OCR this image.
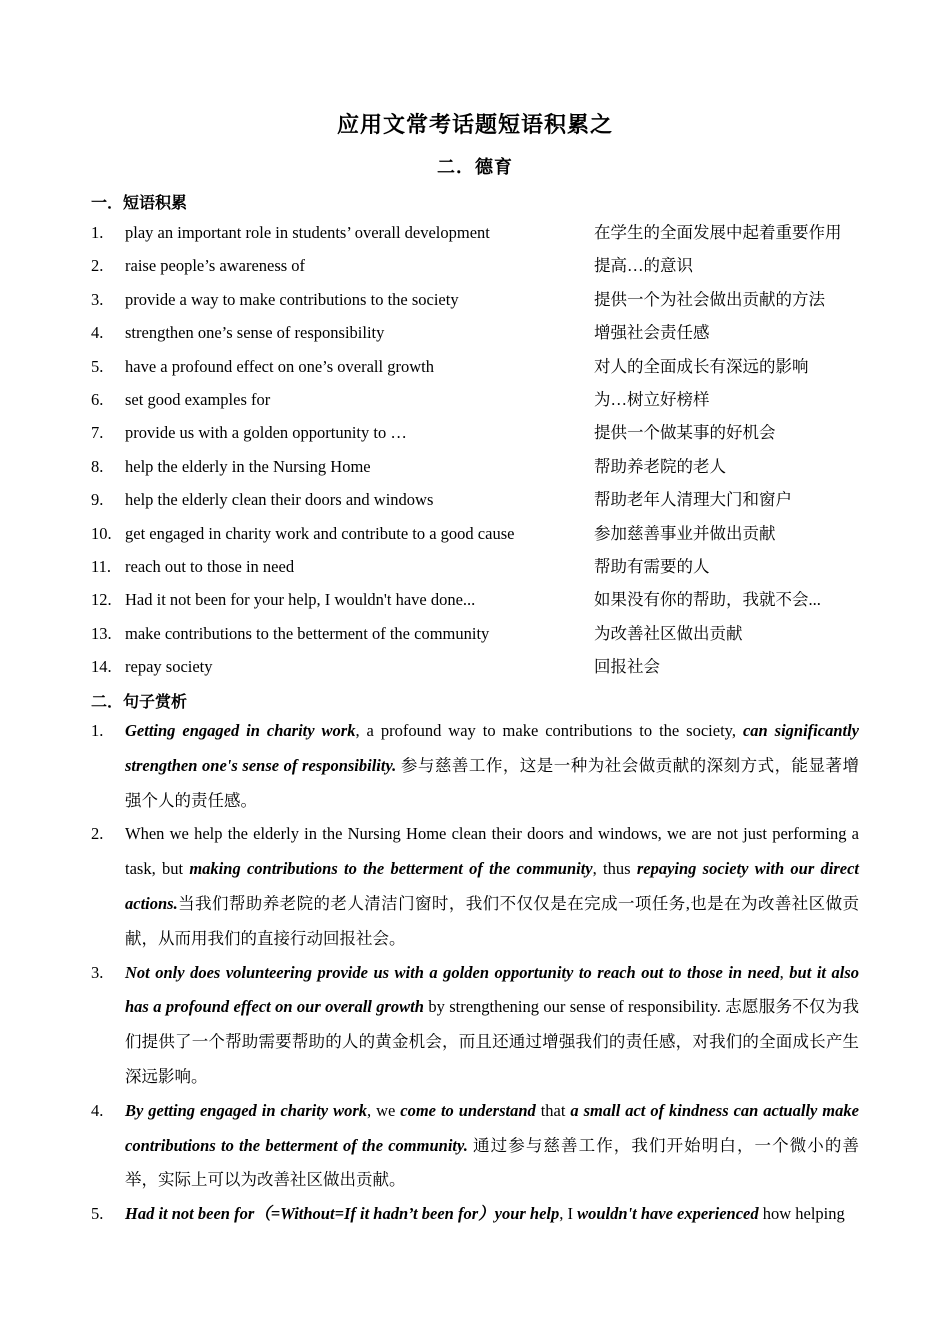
应用文常考话题短语积累之
二．德育
一．短语积累
1. play an important role in students’ overall development	在学生的全面发展中起着重要作用
2. raise people’s awareness of	提高…的意识
3. provide a way to make contributions to the society	提供一个为社会做出贡献的方法
4. strengthen one’s sense of responsibility	增强社会责任感
5. have a profound effect on one’s overall growth	对人的全面成长有深远的影响
6. set good examples for	为…树立好榜样
7. provide us with a golden opportunity to …	提供一个做某事的好机会
8. help the elderly in the Nursing Home	帮助养老院的老人
9. help the elderly clean their doors and windows	帮助老年人清理大门和窗户
10. get engaged in charity work and contribute to a good cause	参加慈善事业并做出贡献
11. reach out to those in need	帮助有需要的人
12. Had it not been for your help, I wouldn't have done...	如果没有你的帮助，我就不会...
13. make contributions to the betterment of the community	为改善社区做出贡献
14. repay society	回报社会
二．句子赏析
1. Getting engaged in charity work, a profound way to make contributions to the society, can significantly strengthen one's sense of responsibility. 参与慈善工作，这是一种为社会做贡献的深刻方式，能显著增强个人的责任感。
2. When we help the elderly in the Nursing Home clean their doors and windows, we are not just performing a task, but making contributions to the betterment of the community, thus repaying society with our direct actions.当我们帮助养老院的老人清洁门窗时，我们不仅仅是在完成一项任务,也是在为改善社区做贡献，从而用我们的直接行动回报社会。
3. Not only does volunteering provide us with a golden opportunity to reach out to those in need, but it also has a profound effect on our overall growth by strengthening our sense of responsibility. 志愿服务不仅为我们提供了一个帮助需要帮助的人的黄金机会，而且还通过增强我们的责任感，对我们的全面成长产生深远影响。
4. By getting engaged in charity work, we come to understand that a small act of kindness can actually make contributions to the betterment of the community. 通过参与慈善工作，我们开始明白，一个微小的善举，实际上可以为改善社区做出贡献。
5. Had it not been for（=Without=If it hadn’t been for）your help, I wouldn't have experienced how helping
